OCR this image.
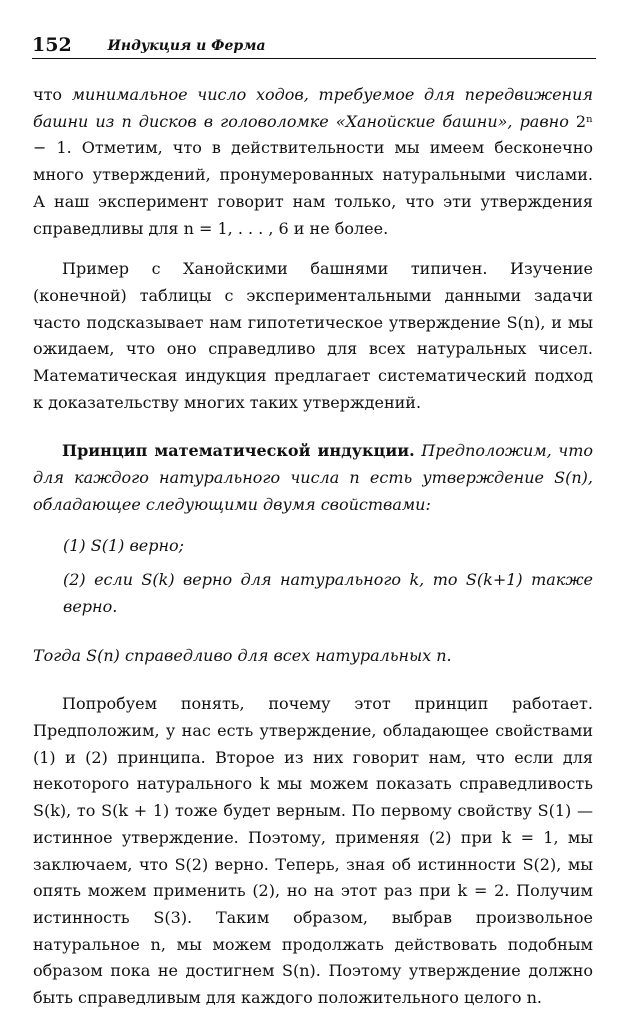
152	Индукция и Ферма

что минимальное число ходов, требуемое для передвижения башни из n дисков в головоломке «Ханойские башни», равно 2ⁿ − 1. Отметим, что в действительности мы имеем бесконечно много утверждений, пронумерованных натуральными числами. А наш эксперимент говорит нам только, что эти утверждения справедливы для n = 1, . . . , 6 и не более.

Пример с Ханойскими башнями типичен. Изучение (конечной) таблицы с экспериментальными данными задачи часто подсказывает нам гипотетическое утверждение S(n), и мы ожидаем, что оно справедливо для всех натуральных чисел. Математическая индукция предлагает систематический подход к доказательству многих таких утверждений.

Принцип математической индукции. Предположим, что для каждого натурального числа n есть утверждение S(n), обладающее следующими двумя свойствами:

(1) S(1) верно;

(2) если S(k) верно для натурального k, то S(k+1) также верно.

Тогда S(n) справедливо для всех натуральных n.

Попробуем понять, почему этот принцип работает. Предположим, у нас есть утверждение, обладающее свойствами (1) и (2) принципа. Второе из них говорит нам, что если для некоторого натурального k мы можем показать справедливость S(k), то S(k + 1) тоже будет верным. По первому свойству S(1) — истинное утверждение. Поэтому, применяя (2) при k = 1, мы заключаем, что S(2) верно. Теперь, зная об истинности S(2), мы опять можем применить (2), но на этот раз при k = 2. Получим истинность S(3). Таким образом, выбрав произвольное натуральное n, мы можем продолжать действовать подобным образом пока не достигнем S(n). Поэтому утверждение должно быть справедливым для каждого положительного целого n.
